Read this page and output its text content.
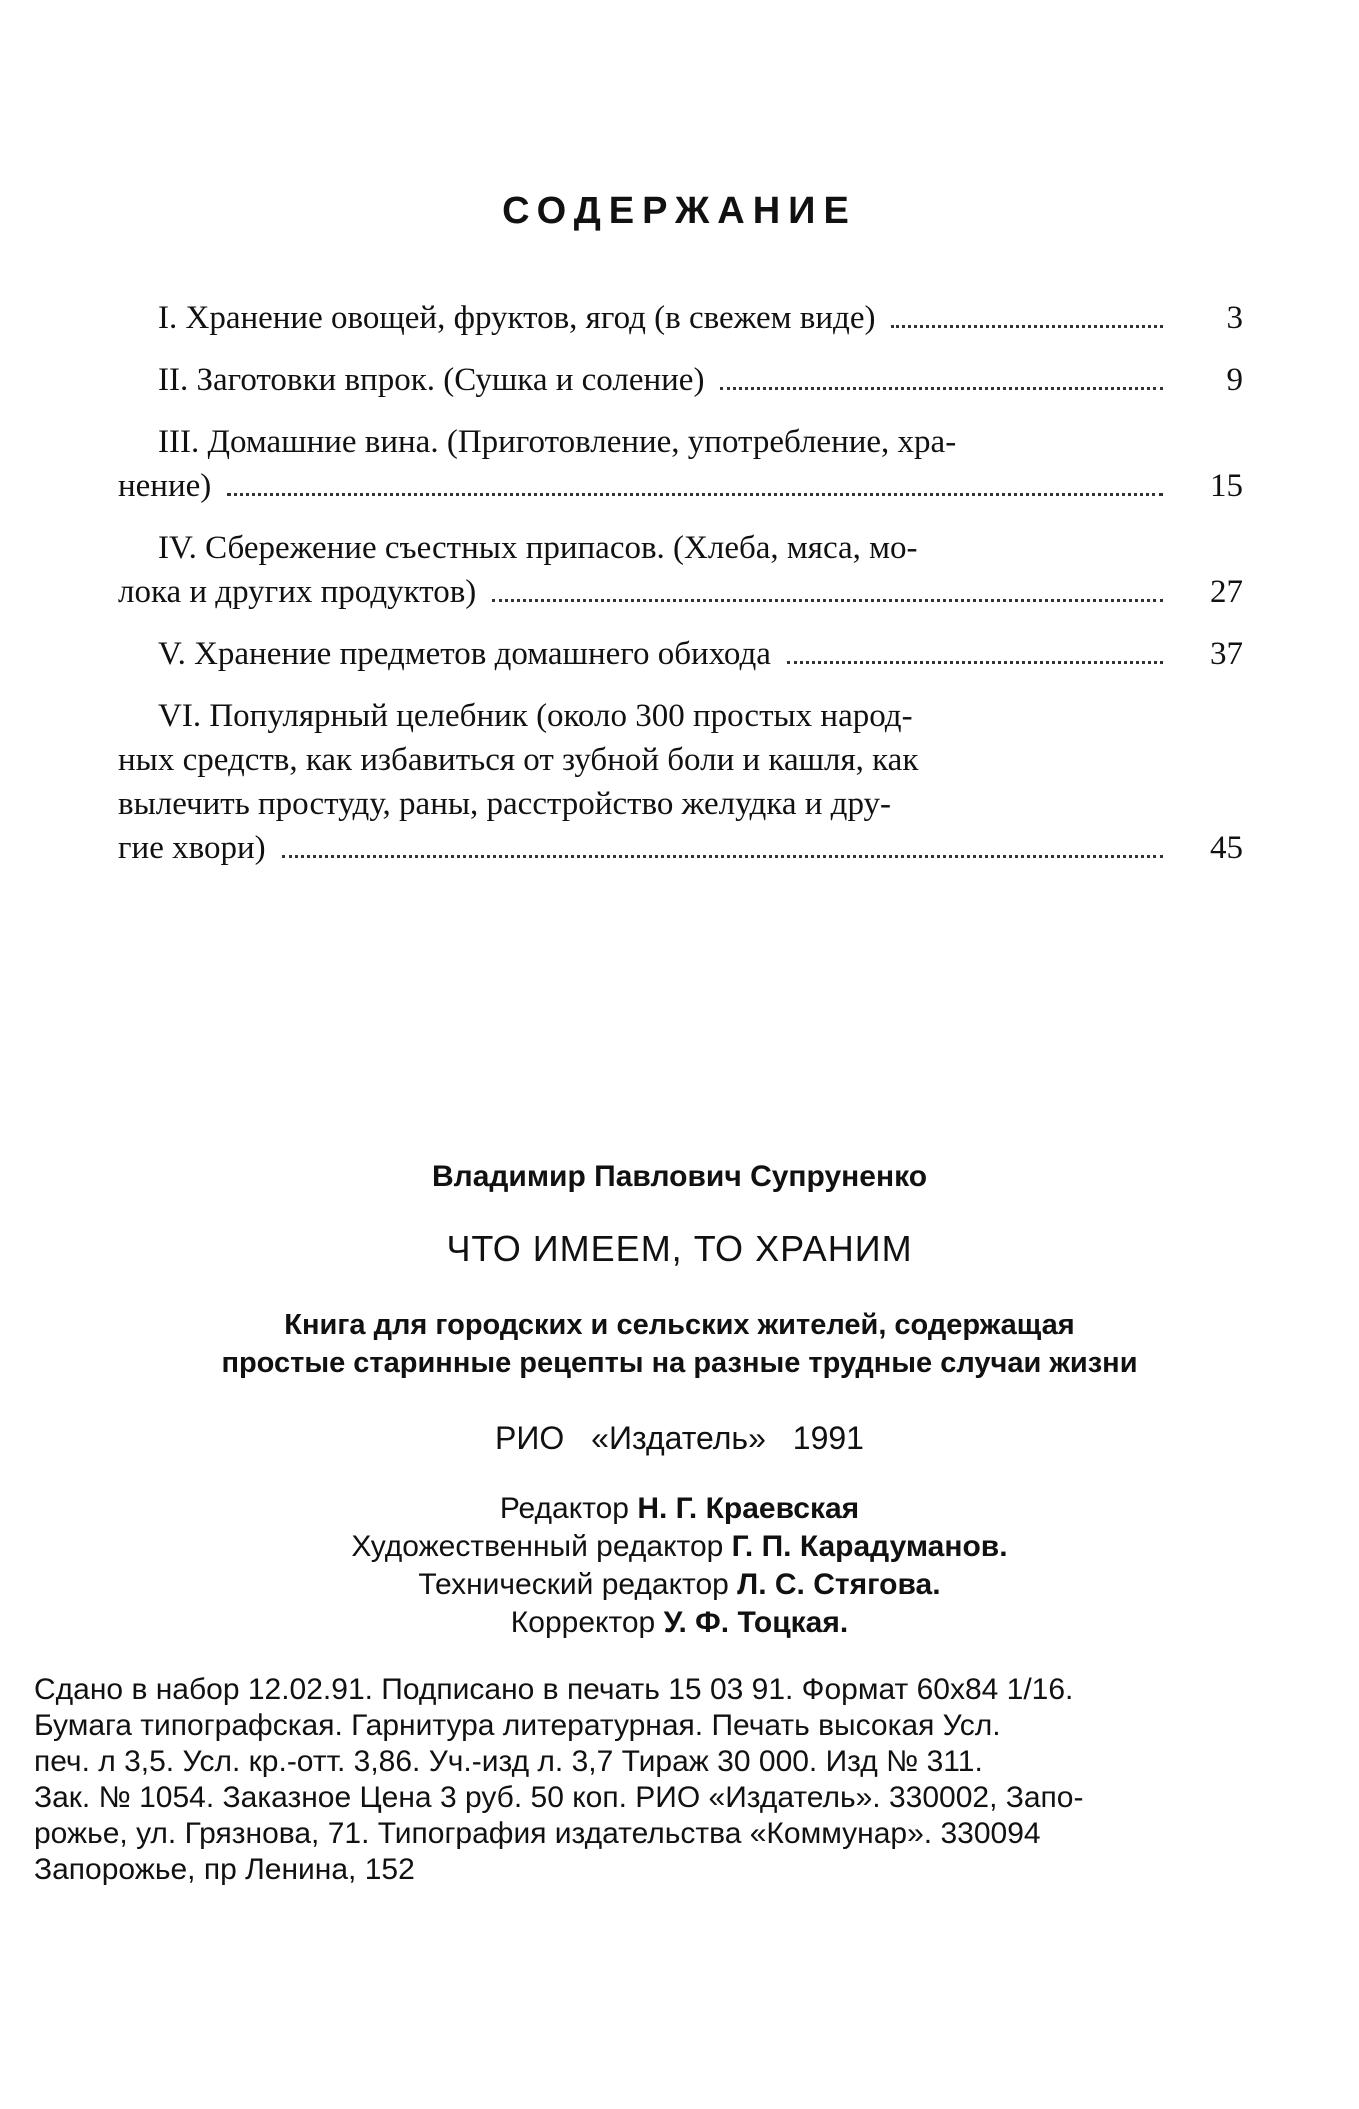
СОДЕРЖАНИЕ
I. Хранение овощей, фруктов, ягод (в свежем виде)	3
II. Заготовки впрок. (Сушка и соление)	9
III. Домашние вина. (Приготовление, употребление, хра-
нение)	15
IV. Сбережение съестных припасов. (Хлеба, мяса, мо-
лока и других продуктов)	27
V. Хранение предметов домашнего обихода	37
VI. Популярный целебник (около 300 простых народ-
ных средств, как избавиться от зубной боли и кашля, как
вылечить простуду, раны, расстройство желудка и дру-
гие хвори)	45
Владимир Павлович Супруненко
ЧТО ИМЕЕМ, ТО ХРАНИМ
Книга для городских и сельских жителей, содержащая
простые старинные рецепты на разные трудные случаи жизни
РИО «Издатель» 1991
Редактор Н. Г. Краевская
Художественный редактор Г. П. Карадуманов.
Технический редактор Л. С. Стягова.
Корректор У. Ф. Тоцкая.
Сдано в набор 12.02.91. Подписано в печать 15 03 91. Формат 60х84 1/16.
Бумага типографская. Гарнитура литературная. Печать высокая Усл.
печ. л 3,5. Усл. кр.-отт. 3,86. Уч.-изд л. 3,7 Тираж 30 000. Изд № 311.
Зак. № 1054. Заказное Цена 3 руб. 50 коп. РИО «Издатель». 330002, Запо-
рожье, ул. Грязнова, 71. Типография издательства «Коммунар». 330094
Запорожье, пр Ленина, 152
